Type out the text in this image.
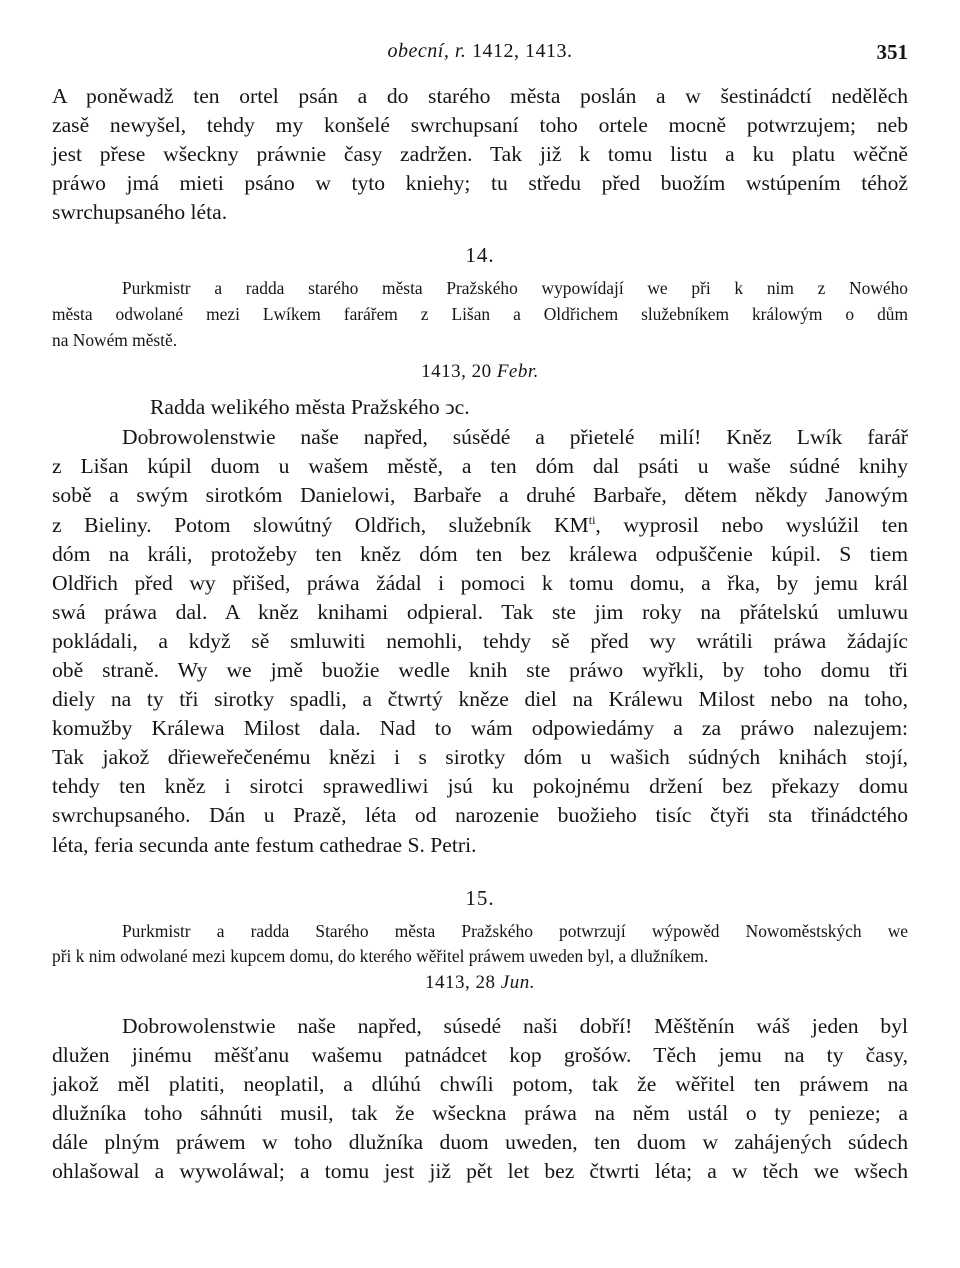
obecní, r. 1412, 1413.	351

A poněwadž ten ortel psán a do starého města poslán a w šestinádctí nedělěch
zasě newyšel, tehdy my konšelé swrchupsaní toho ortele mocně potwrzujem; neb
jest přese wšeckny práwnie časy zadržen. Tak již k tomu listu a ku platu wěčně
práwo jmá mieti psáno w tyto kniehy; tu středu před buožím wstúpením téhož
swrchupsaného léta.

14.

Purkmistr a radda starého města Pražského wypowídají we při k nim z Nowého
města odwolané mezi Lwíkem farářem z Lišan a Oldřichem služebníkem králowým o dům
na Nowém městě.

1413, 20 Febr.

Radda welikého města Pražského ↄc.

Dobrowolenstwie naše napřed, súsědé a přietelé milí! Kněz Lwík farář
z Lišan kúpil duom u wašem městě, a ten dóm dal psáti u waše súdné knihy
sobě a swým sirotkóm Danielowi, Barbaře a druhé Barbaře, dětem někdy Janowým
z Bieliny. Potom slowútný Oldřich, služebník $KM^{ti}$, wyprosil nebo wyslúžil ten
dóm na králi, protožeby ten kněz dóm ten bez králewa odpuščenie kúpil. S tiem
Oldřich před wy přišed, práwa žádal i pomoci k tomu domu, a řka, by jemu král
swá práwa dal. A kněz knihami odpieral. Tak ste jim roky na přátelskú umluwu
pokládali, a když sě smluwiti nemohli, tehdy sě před wy wrátili práwa žádajíc
obě straně. Wy we jmě buožie wedle knih ste práwo wyřkli, by toho domu tři
diely na ty tři sirotky spadli, a čtwrtý kněze diel na Králewu Milost nebo na toho,
komužby Králewa Milost dala. Nad to wám odpowiedámy a za práwo nalezujem:
Tak jakož dřieweřečenému knězi i s sirotky dóm u wašich súdných knihách stojí,
tehdy ten kněz i sirotci sprawedliwi jsú ku pokojnému držení bez překazy domu
swrchupsaného. Dán u Prazě, léta od narozenie buožieho tisíc čtyři sta třinádctého
léta, feria secunda ante festum cathedrae S. Petri.

15.

Purkmistr a radda Starého města Pražského potwrzují wýpowěd Nowoměstských we
při k nim odwolané mezi kupcem domu, do kterého wěřitel práwem uweden byl, a dlužníkem.

1413, 28 Jun.

Dobrowolenstwie naše napřed, súsedé naši dobří! Měštěnín wáš jeden byl
dlužen jinému měšťanu wašemu patnádcet kop grošów. Těch jemu na ty časy,
jakož měl platiti, neoplatil, a dlúhú chwíli potom, tak že wěřitel ten práwem na
dlužníka toho sáhnúti musil, tak že wšeckna práwa na něm ustál o ty penieze; a
dále plným práwem w toho dlužníka duom uweden, ten duom w zahájených súdech
ohlašowal a wywoláwal; a tomu jest již pět let bez čtwrti léta; a w těch we wšech
